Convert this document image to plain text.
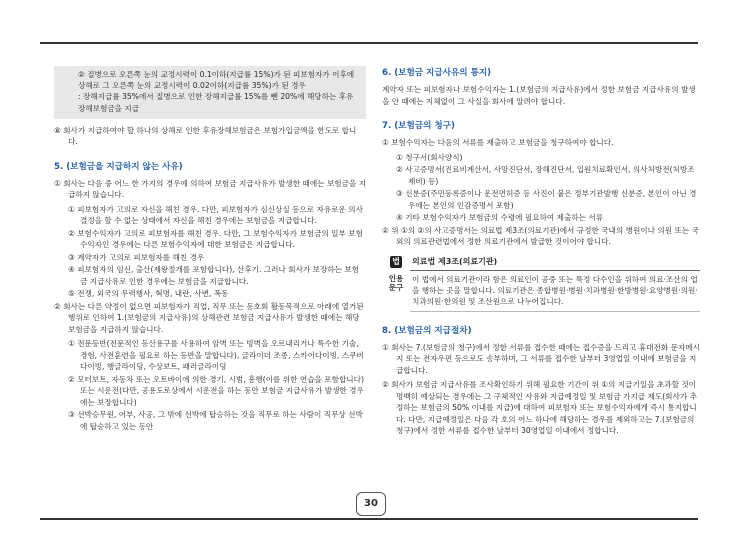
② 질병으로 오른쪽 눈의 교정시력이 0.1이하(지급률 15%)가 된 피보험자가 이후에 상해로 그 오른쪽 눈의 교정시력이 0.02이하(지급률 35%)가 된 경우

: 장해지급률 35%에서 질병으로 인한 장해지급률 15%를 뺀 20%에 해당하는 후유장해보험금을 지급

⑧ 회사가 지급하여야 할 하나의 상해로 인한 후유장해보험금은 보험가입금액을 한도로 합니다.

5. (보험금을 지급하지 않는 사유)

① 회사는 다음 중 어느 한 가지의 경우에 의하여 보험금 지급사유가 발생한 때에는 보험금을 지급하지 않습니다.

① 피보험자가 고의로 자신을 해친 경우. 다만, 피보험자가 심신상실 등으로 자유로운 의사결정을 할 수 없는 상태에서 자신을 해친 경우에는 보험금을 지급합니다.

② 보험수익자가 고의로 피보험자를 해친 경우. 다만, 그 보험수익자가 보험금의 일부 보험수익자인 경우에는 다른 보험수익자에 대한 보험금은 지급합니다.

③ 계약자가 고의로 피보험자를 해친 경우

④ 피보험자의 임신, 출산(제왕절개를 포함합니다), 산후기. 그러나 회사가 보장하는 보험금 지급사유로 인한 경우에는 보험금을 지급합니다.

⑤ 전쟁, 외국의 무력행사, 혁명, 내란, 사변, 폭동

② 회사는 다른 약정이 없으면 피보험자가 직업, 직무 또는 동호회 활동목적으로 아래에 열거된 행위로 인하여 1.(보험금의 지급사유)의 상해관련 보험금 지급사유가 발생한 때에는 해당 보험금을 지급하지 않습니다.

① 전문등반(전문적인 등산용구를 사용하여 암벽 또는 빙벽을 오르내리거나 특수한 기술, 경험, 사전훈련을 필요로 하는 등반을 말합니다), 글라이더 조종, 스카이다이빙, 스쿠버다이빙, 행글라이딩, 수상보트, 패러글라이딩

② 모터보트, 자동차 또는 오토바이에 의한 경기, 시범, 흥행(이를 위한 연습을 포함합니다) 또는 시운전(다만, 공용도로상에서 시운전을 하는 동안 보험금 지급사유가 발생한 경우에는 보장합니다)

③ 선박승무원, 어부, 사공, 그 밖에 선박에 탑승하는 것을 직무로 하는 사람이 직무상 선박에 탑승하고 있는 동안

6. (보험금 지급사유의 통지)

계약자 또는 피보험자나 보험수익자는 1.(보험금의 지급사유)에서 정한 보험금 지급사유의 발생을 안 때에는 지체없이 그 사실을 회사에 알려야 합니다.

7. (보험금의 청구)

① 보험수익자는 다음의 서류를 제출하고 보험금을 청구하여야 합니다.

① 청구서(회사양식)

② 사고증명서(진료비계산서, 사망진단서, 장해진단서, 입원치료확인서, 의사처방전(처방조 제비) 등)

③ 신분증(주민등록증이나 운전면허증 등 사진이 붙은 정부기관발행 신분증, 본인이 아닌 경우에는 본인의 인감증명서 포함)

④ 기타 보험수익자가 보험금의 수령에 필요하여 제출하는 서류

② 위 ①의 ②의 사고증명서는 의료법 제3조(의료기관)에서 규정한 국내의 병원이나 의원 또는 국외의 의료관련법에서 정한 의료기관에서 발급한 것이어야 합니다.

법
인용
문구
의료법 제3조(의료기관)
이 법에서 의료기관이라 함은 의료인이 공중 또는 특정 다수인을 위하여 의료·조산의 업을 행하는 곳을 말합니다. 의료기관은 종합병원·병원·치과병원·한방병원·요양병원·의원·치과의원·한의원 및 조산원으로 나누어집니다.
8. (보험금의 지급절차)

① 회사는 7.(보험금의 청구)에서 정한 서류를 접수한 때에는 접수증을 드리고 휴대전화 문자메시지 또는 전자우편 등으로도 송부하며, 그 서류를 접수한 날부터 3영업일 이내에 보험금을 지급합니다.

② 회사가 보험금 지급사유를 조사확인하기 위해 필요한 기간이 위 ①의 지급기일을 초과할 것이 명백히 예상되는 경우에는 그 구체적인 사유와 지급예정일 및 보험금 가지급 제도(회사가 추정하는 보험금의 50% 이내를 지급)에 대하여 피보험자 또는 보험수익자에게 즉시 통지합니다. 다만, 지급예정일은 다음 각 호의 어느 하나에 해당하는 경우를 제외하고는 7.(보험금의 청구)에서 정한 서류를 접수한 날부터 30영업일 이내에서 정합니다.

30
